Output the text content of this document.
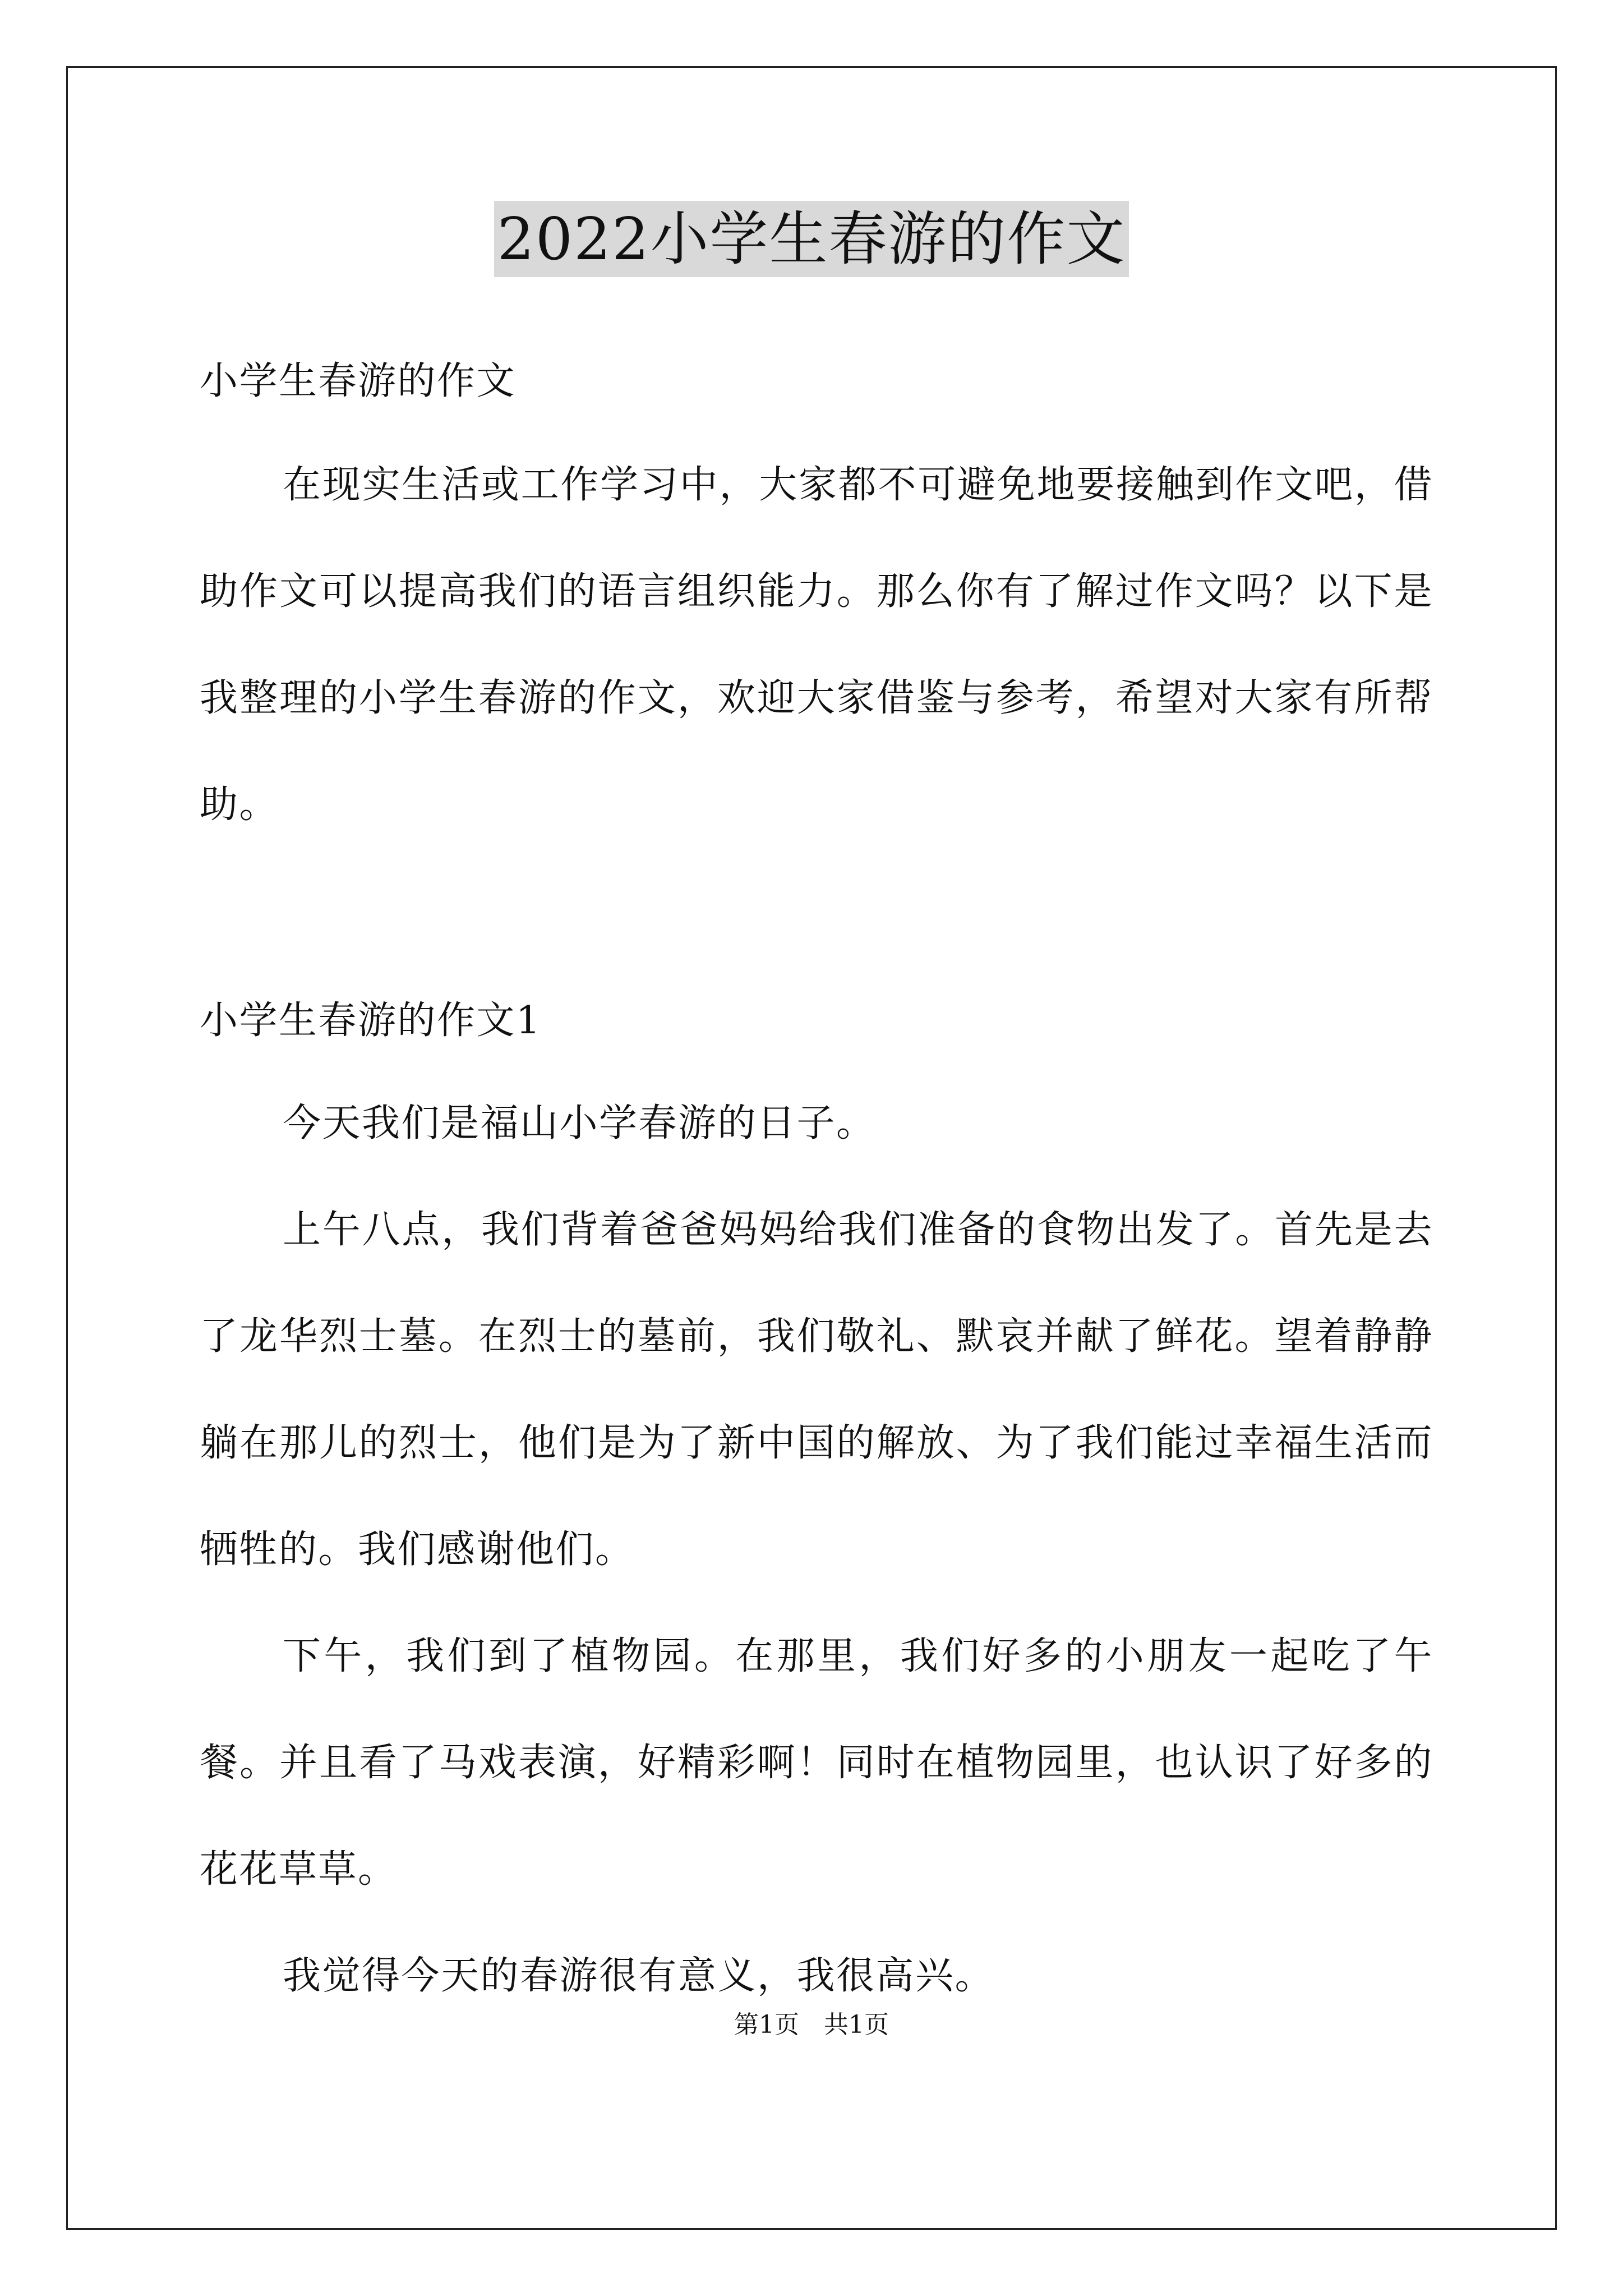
2022小学生春游的作文
小学生春游的作文

在现实生活或工作学习中，大家都不可避免地要接触到作文吧，借助作文可以提高我们的语言组织能力。那么你有了解过作文吗？以下是我整理的小学生春游的作文，欢迎大家借鉴与参考，希望对大家有所帮助。

小学生春游的作文1

今天我们是福山小学春游的日子。

上午八点，我们背着爸爸妈妈给我们准备的食物出发了。首先是去了龙华烈士墓。在烈士的墓前，我们敬礼、默哀并献了鲜花。望着静静躺在那儿的烈士，他们是为了新中国的解放、为了我们能过幸福生活而牺牲的。我们感谢他们。

下午，我们到了植物园。在那里，我们好多的小朋友一起吃了午餐。并且看了马戏表演，好精彩啊！同时在植物园里，也认识了好多的花花草草。

我觉得今天的春游很有意义，我很高兴。

第1页　共1页
